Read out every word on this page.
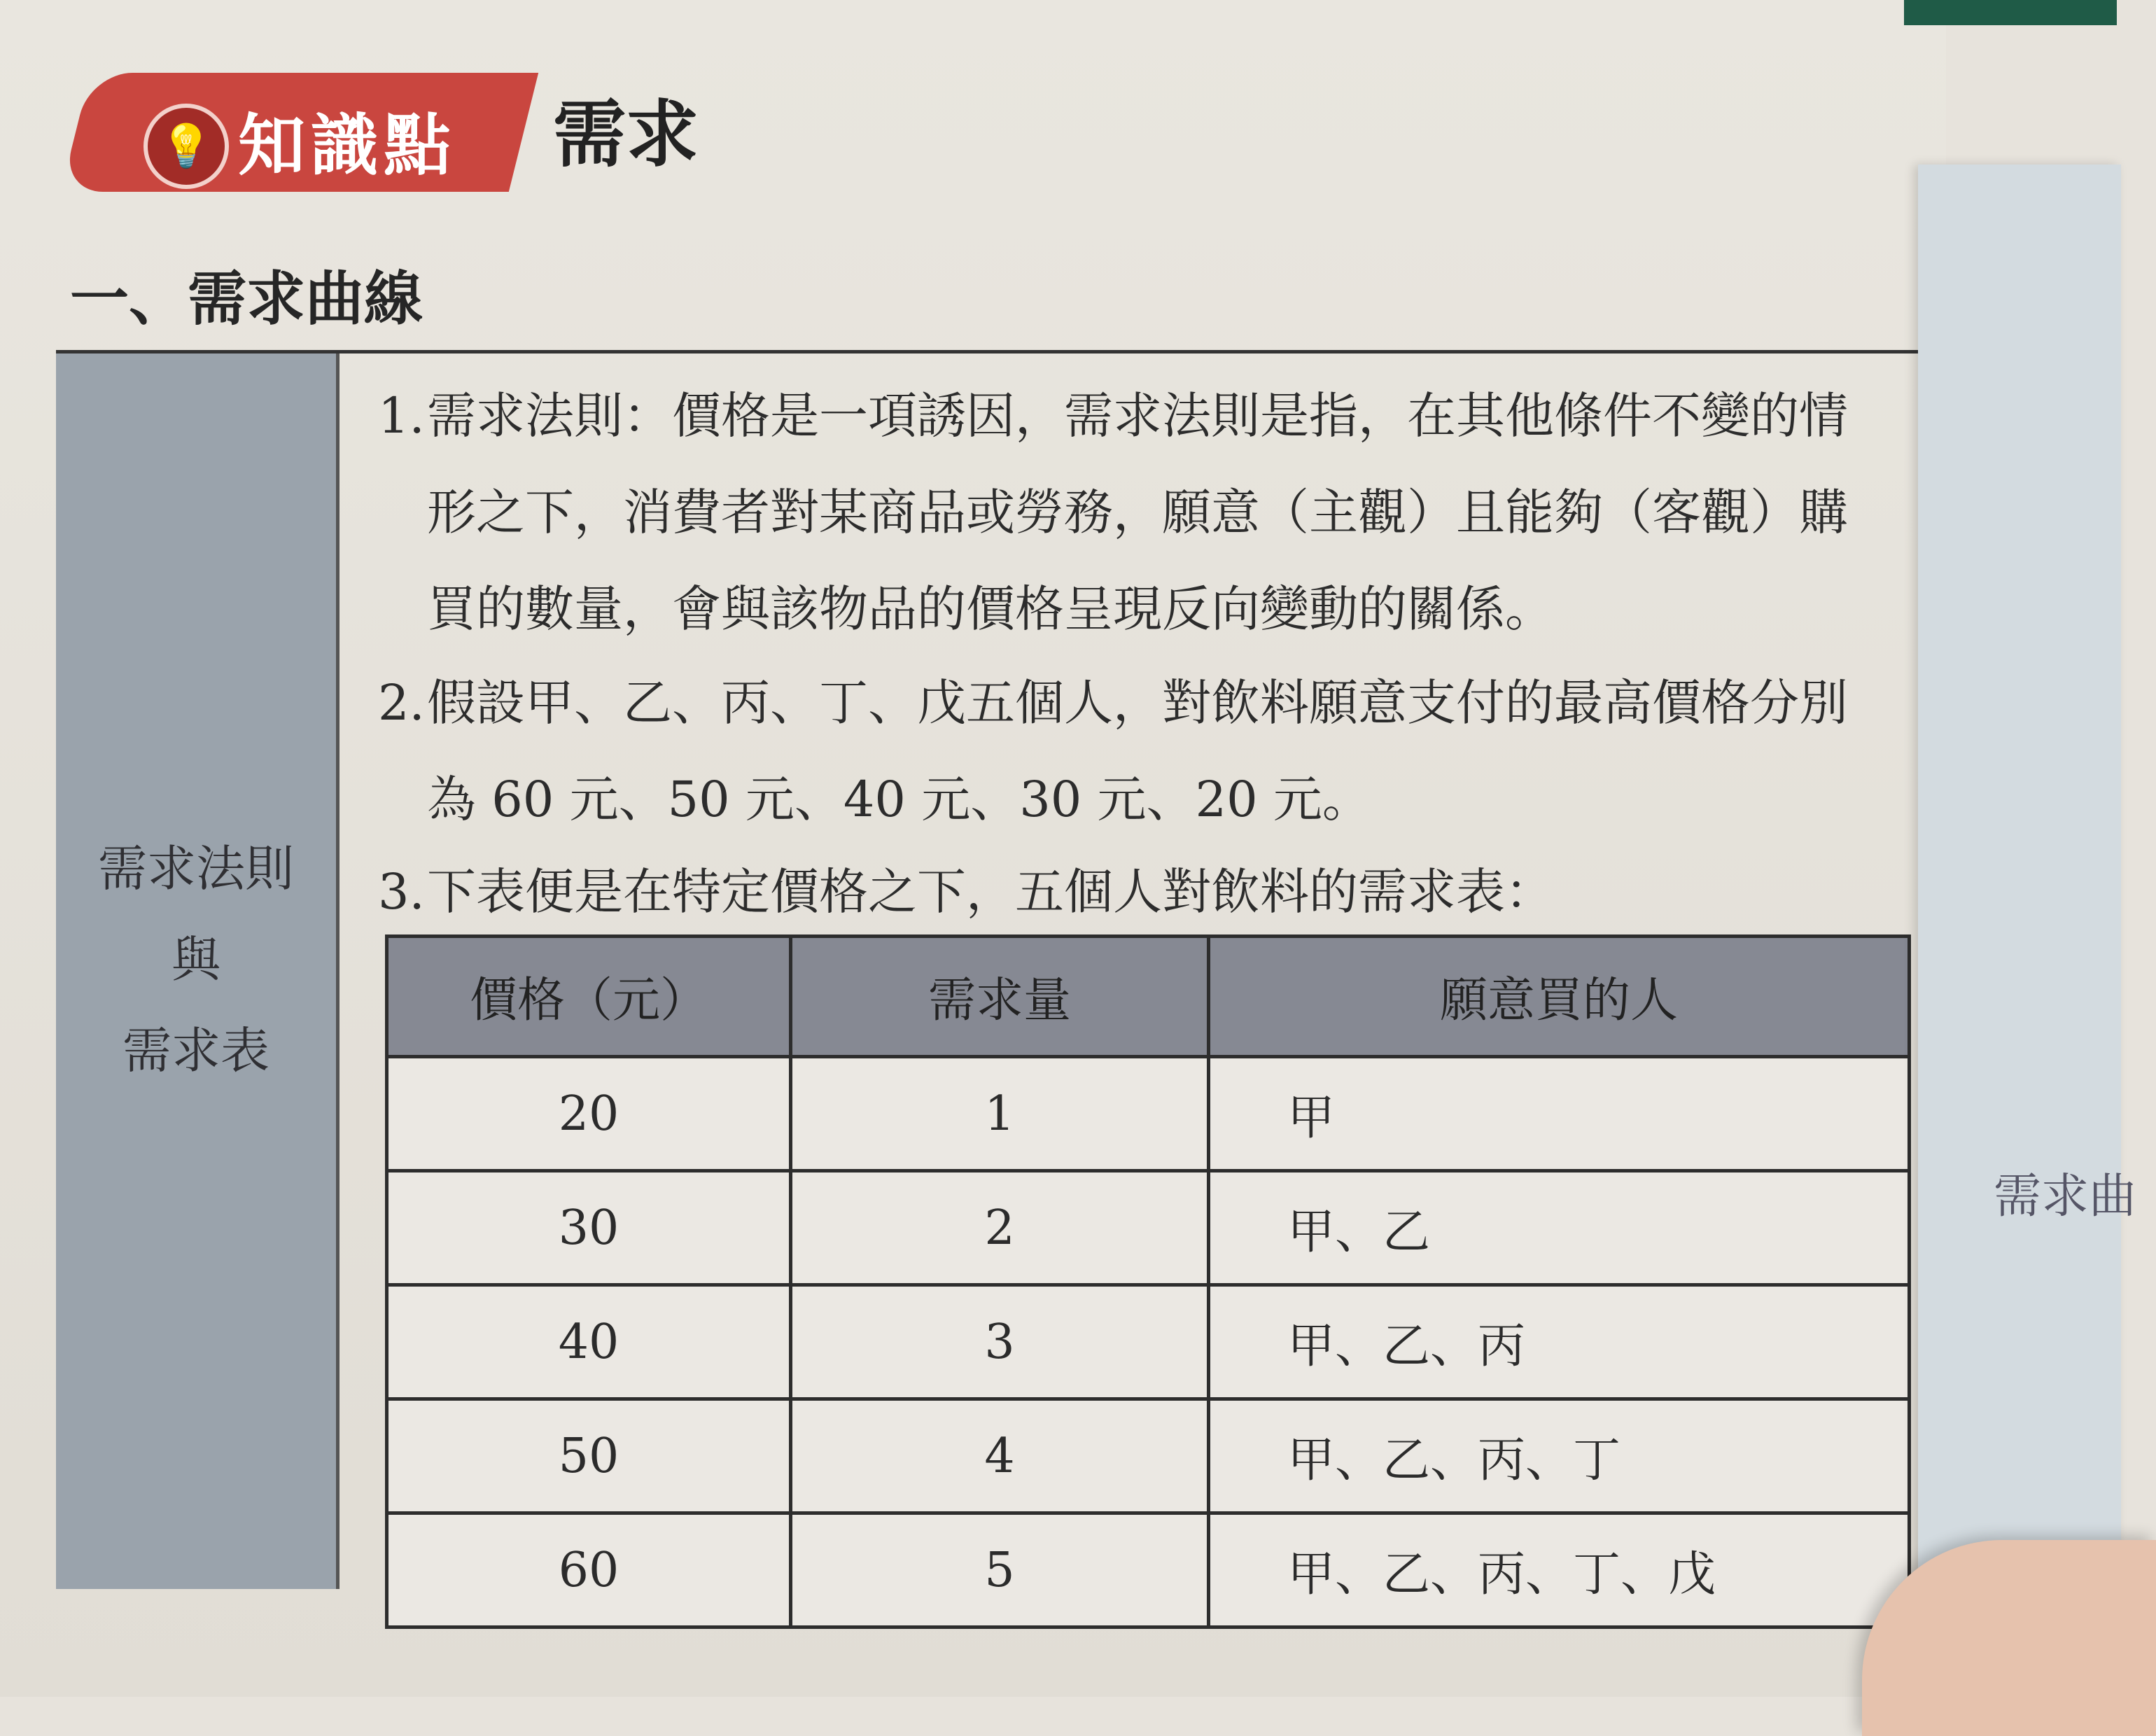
💡 知識點 需求
一、需求曲線
需求法則
與
需求表
1.需求法則：價格是一項誘因，需求法則是指，在其他條件不變的情
形之下，消費者對某商品或勞務，願意（主觀）且能夠（客觀）購
買的數量，會與該物品的價格呈現反向變動的關係。
2.假設甲、乙、丙、丁、戊五個人，對飲料願意支付的最高價格分別
為 60 元、50 元、40 元、30 元、20 元。
3.下表便是在特定價格之下，五個人對飲料的需求表：
價格（元）	需求量	願意買的人
20	1	甲
30	2	甲、乙
40	3	甲、乙、丙
50	4	甲、乙、丙、丁
60	5	甲、乙、丙、丁、戊
需求曲
